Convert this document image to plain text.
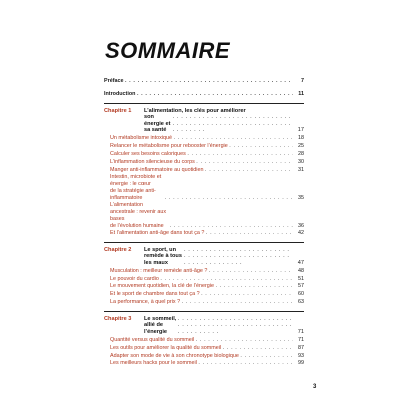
SOMMAIRE
Préface . . .	7
Introduction . . .	11
Chapitre 1	L’alimentation, les clés pour améliorer
son énergie et sa santé . . .	17
Un métabolisme intoxiqué . . .	18
Relancer le métabolisme pour rebooster l’énergie . . .	25
Calculer ses besoins caloriques . . .	28
L’inflammation silencieuse du corps . . .	30
Manger anti-inflammatoire au quotidien . . .	31
Intestin, microbiote et énergie : le cœur
de la stratégie anti-inflammatoire . . .	35
L’alimentation ancestrale : revenir aux bases
de l’évolution humaine . . .	36
Et l’alimentation anti-âge dans tout ça ? . . .	42
Chapitre 2	Le sport, un remède à tous les maux . . .	47
Musculation : meilleur remède anti-âge ? . . .	48
Le pouvoir du cardio . . .	51
Le mouvement quotidien, la clé de l’énergie . . .	57
Et le sport de chambre dans tout ça ? . . .	60
La performance, à quel prix ? . . .	63
Chapitre 3	Le sommeil, allié de l’énergie . . .	71
Quantité versus qualité du sommeil . . .	71
Les outils pour améliorer la qualité du sommeil . . .	87
Adapter son mode de vie à son chronotype biologique . . .	93
Les meilleurs hacks pour le sommeil . . .	99
3
